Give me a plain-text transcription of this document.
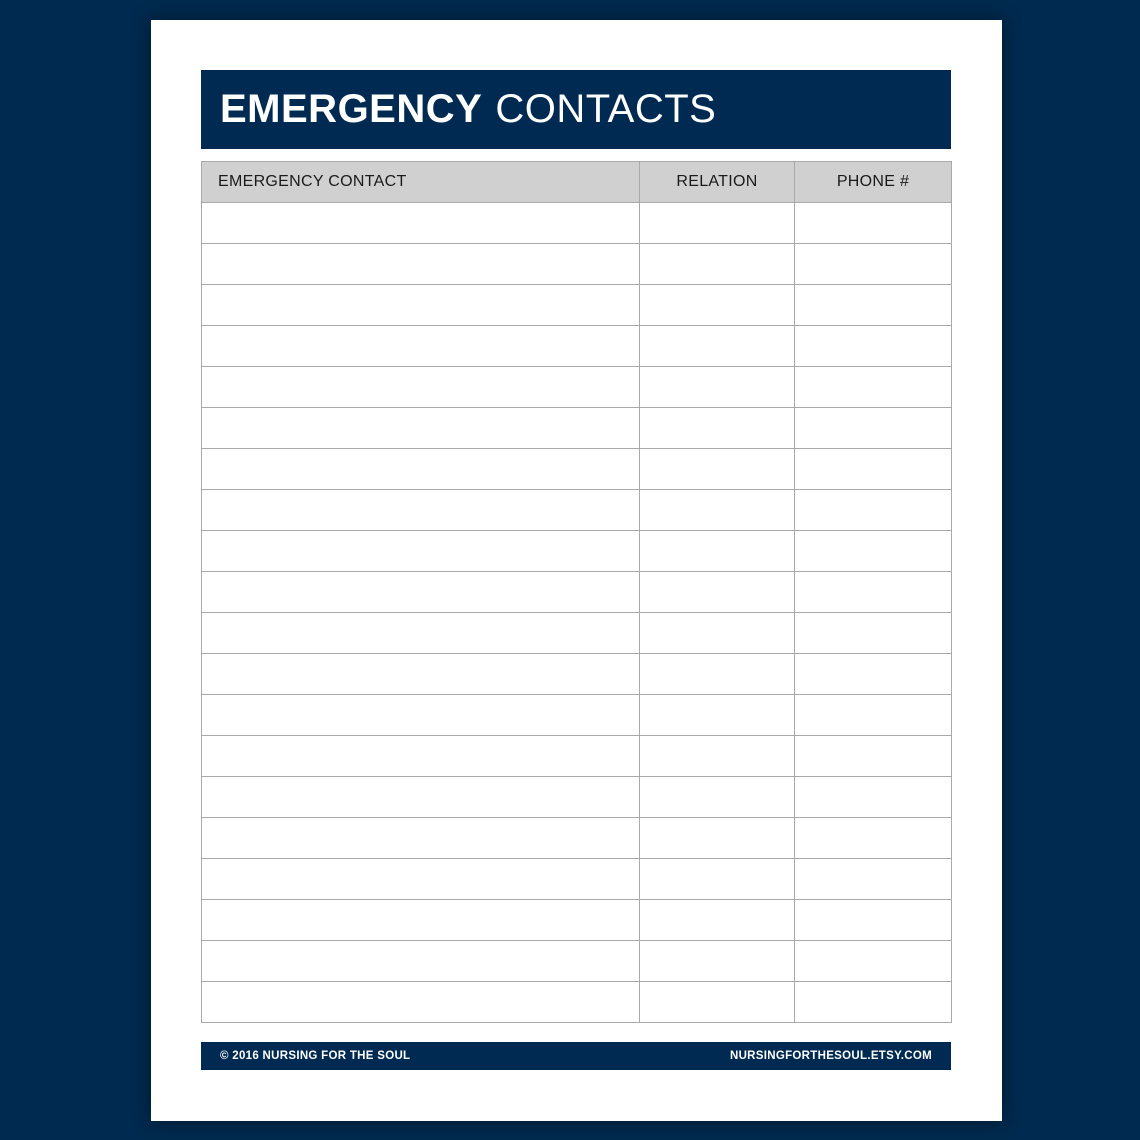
EMERGENCY CONTACTS
EMERGENCY CONTACT	RELATION	PHONE #

© 2016 NURSING FOR THE SOUL	NURSINGFORTHESOUL.ETSY.COM
